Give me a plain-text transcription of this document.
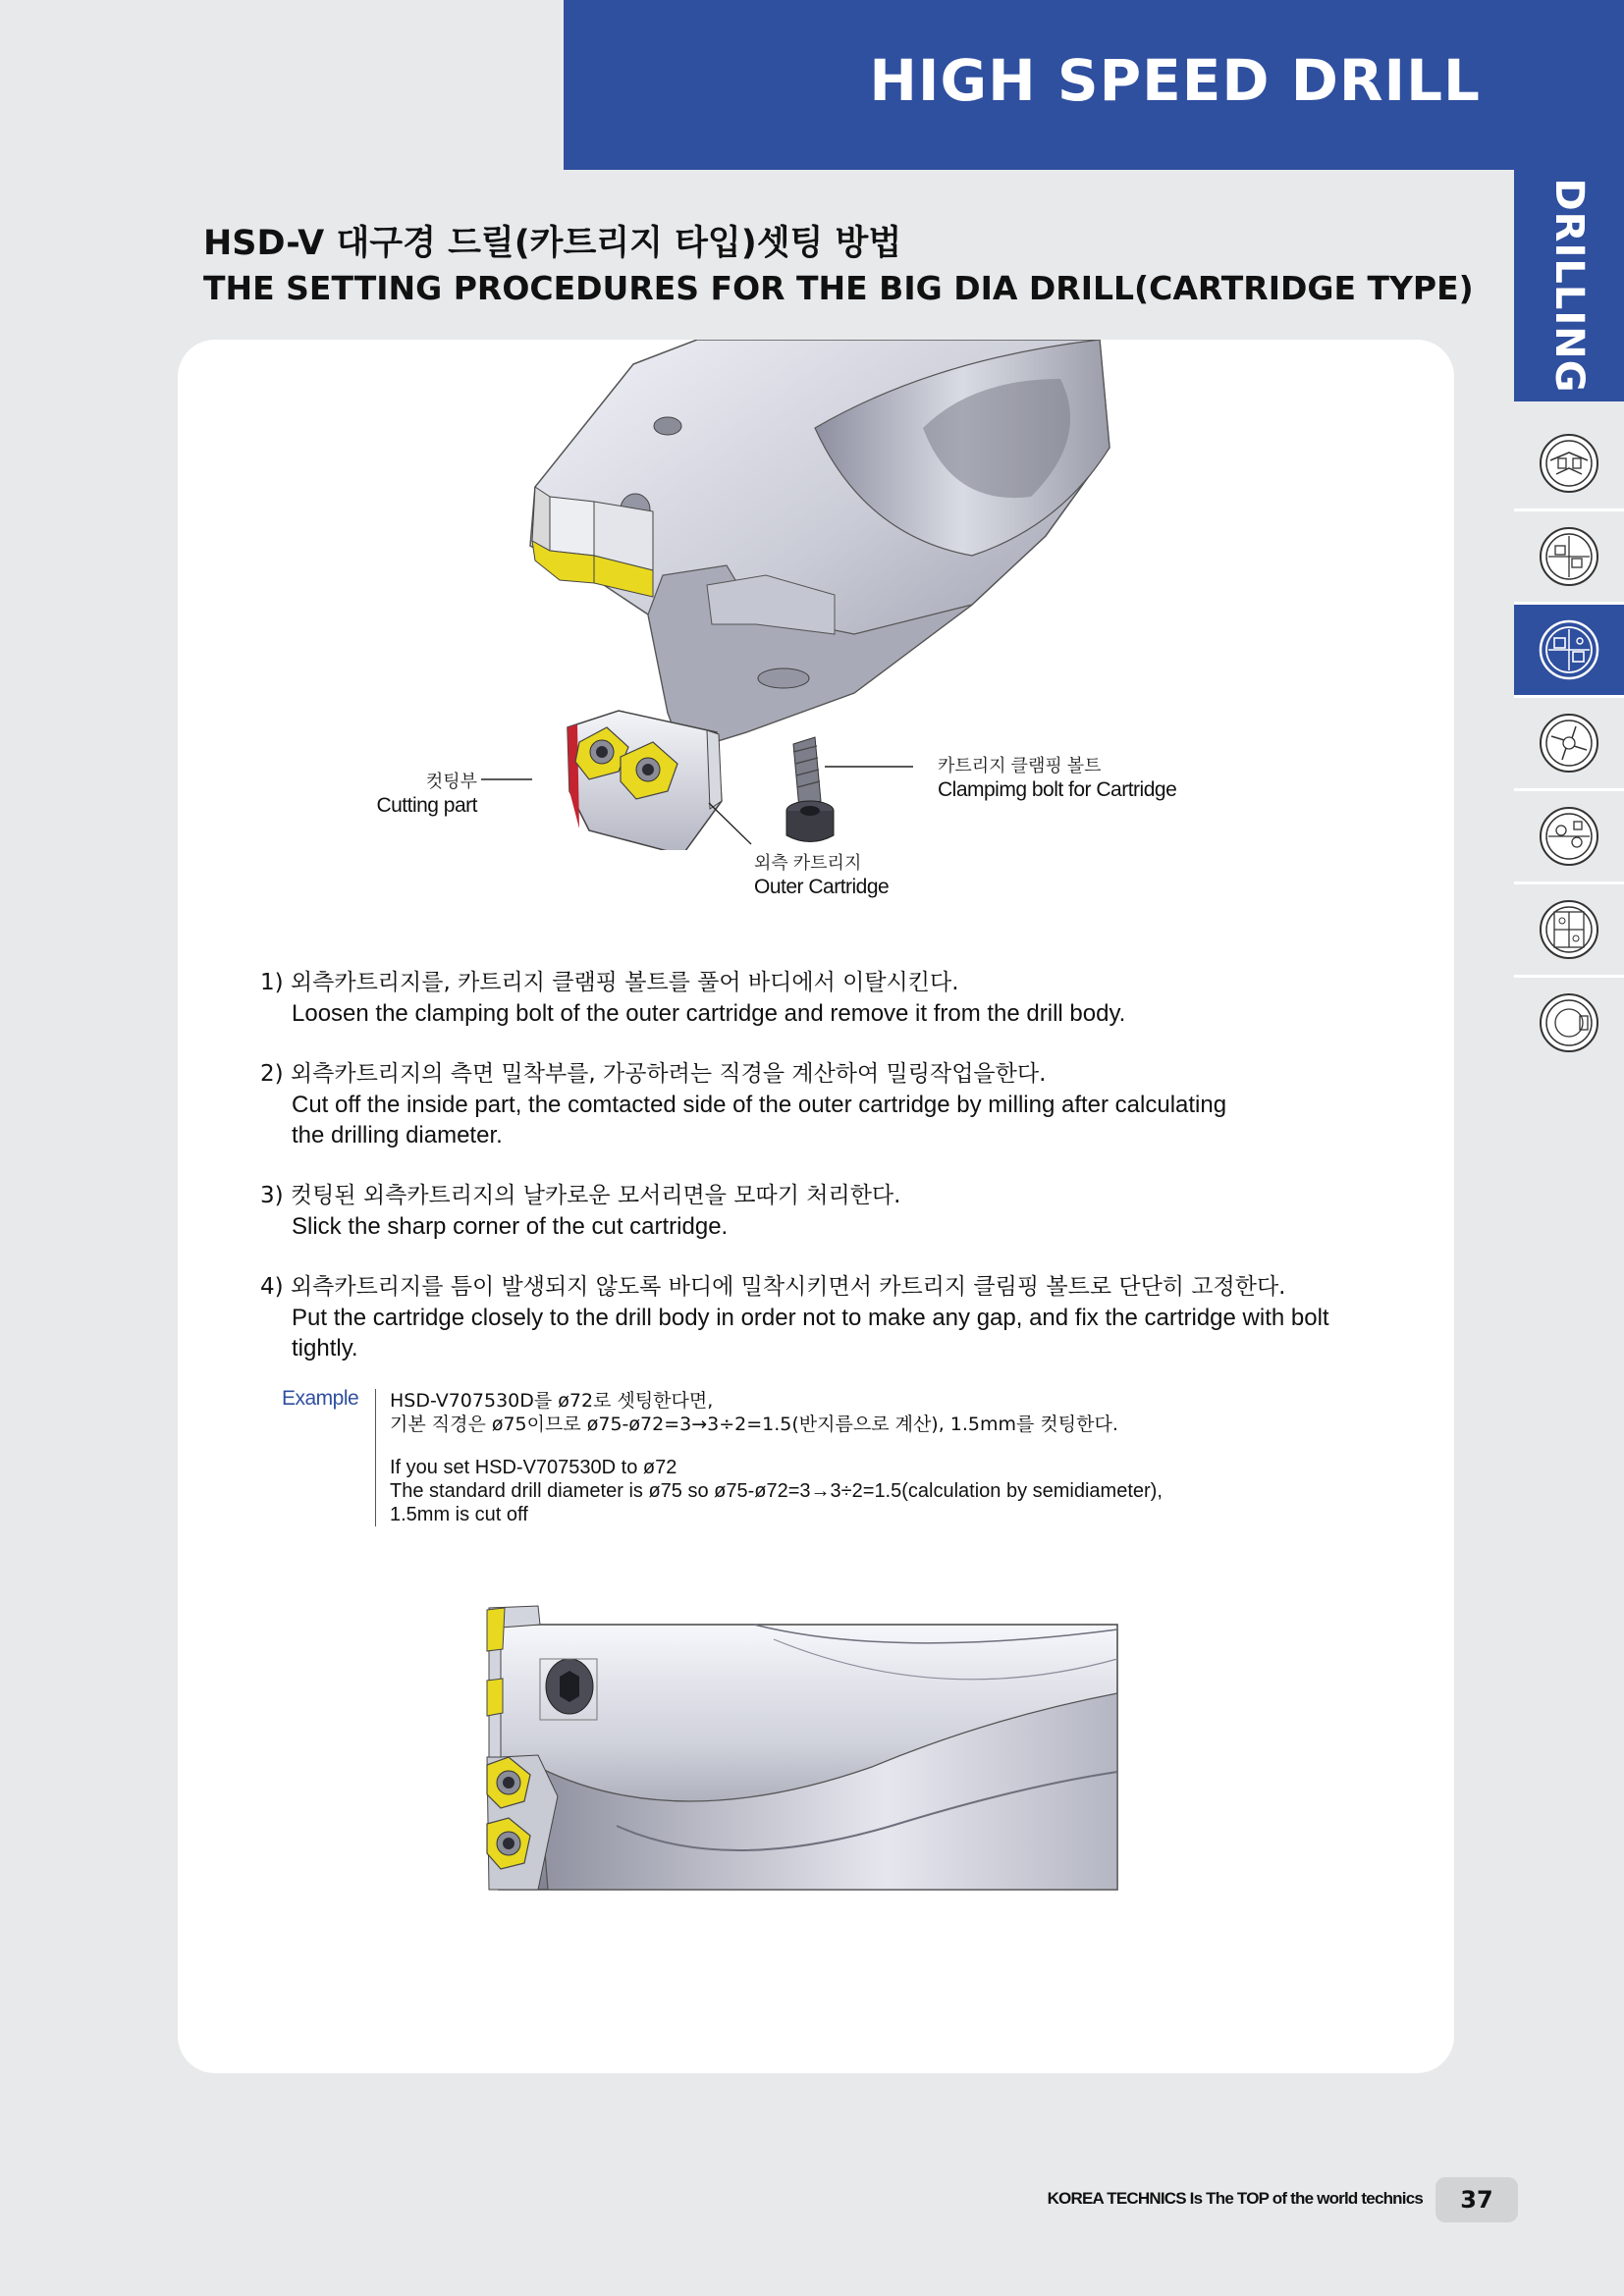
HIGH SPEED DRILL
DRILLING
HSD-V 대구경 드릴(카트리지 타입)셋팅 방법
THE SETTING PROCEDURES FOR THE BIG DIA DRILL(CARTRIDGE TYPE)
컷팅부
Cutting part
카트리지 클램핑 볼트
Clampimg bolt for Cartridge
외측 카트리지
Outer Cartridge
1) 외측카트리지를, 카트리지 클램핑 볼트를 풀어 바디에서 이탈시킨다.
Loosen the clamping bolt of the outer cartridge and remove it from the drill body.
2) 외측카트리지의 측면 밀착부를, 가공하려는 직경을 계산하여 밀링작업을한다.
Cut off the inside part, the comtacted side of the outer cartridge by milling after calculating the drilling diameter.
3) 컷팅된 외측카트리지의 날카로운 모서리면을 모따기 처리한다.
Slick the sharp corner of the cut cartridge.
4) 외측카트리지를 틈이 발생되지 않도록 바디에 밀착시키면서 카트리지 클림핑 볼트로 단단히 고정한다.
Put the cartridge closely to the drill body in order not to make any gap, and fix the cartridge with bolt tightly.
Example HSD-V707530D를 ø72로 셋팅한다면,
기본 직경은 ø75이므로 ø75-ø72=3→3÷2=1.5(반지름으로 계산), 1.5mm를 컷팅한다.
If you set HSD-V707530D to ø72
The standard drill diameter is ø75 so ø75-ø72=3→3÷2=1.5(calculation by semidiameter),
1.5mm is cut off
KOREA TECHNICS Is The TOP of the world technics	37
